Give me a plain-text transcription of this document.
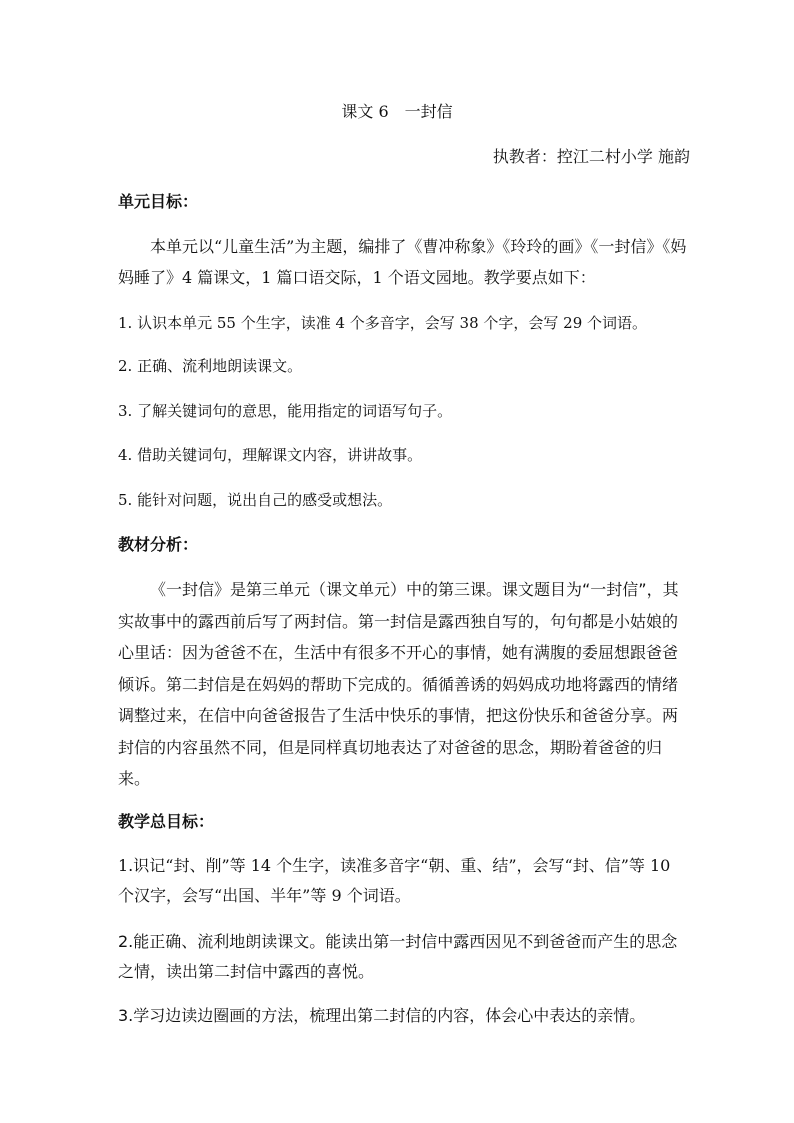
课文 6　一封信
执教者：控江二村小学 施韵
单元目标：
本单元以“儿童生活”为主题，编排了《曹冲称象》《玲玲的画》《一封信》《妈妈睡了》4 篇课文，1 篇口语交际，1 个语文园地。教学要点如下：
1. 认识本单元 55 个生字，读准 4 个多音字，会写 38 个字，会写 29 个词语。
2. 正确、流利地朗读课文。
3. 了解关键词句的意思，能用指定的词语写句子。
4. 借助关键词句，理解课文内容，讲讲故事。
5. 能针对问题，说出自己的感受或想法。
教材分析：
《一封信》是第三单元（课文单元）中的第三课。课文题目为“一封信”，其实故事中的露西前后写了两封信。第一封信是露西独自写的，句句都是小姑娘的心里话：因为爸爸不在，生活中有很多不开心的事情，她有满腹的委屈想跟爸爸倾诉。第二封信是在妈妈的帮助下完成的。循循善诱的妈妈成功地将露西的情绪调整过来，在信中向爸爸报告了生活中快乐的事情，把这份快乐和爸爸分享。两封信的内容虽然不同，但是同样真切地表达了对爸爸的思念，期盼着爸爸的归来。
教学总目标：
1.识记“封、削”等 14 个生字，读准多音字“朝、重、结”，会写“封、信”等 10 个汉字，会写“出国、半年”等 9 个词语。
2.能正确、流利地朗读课文。能读出第一封信中露西因见不到爸爸而产生的思念之情，读出第二封信中露西的喜悦。
3.学习边读边圈画的方法，梳理出第二封信的内容，体会心中表达的亲情。
